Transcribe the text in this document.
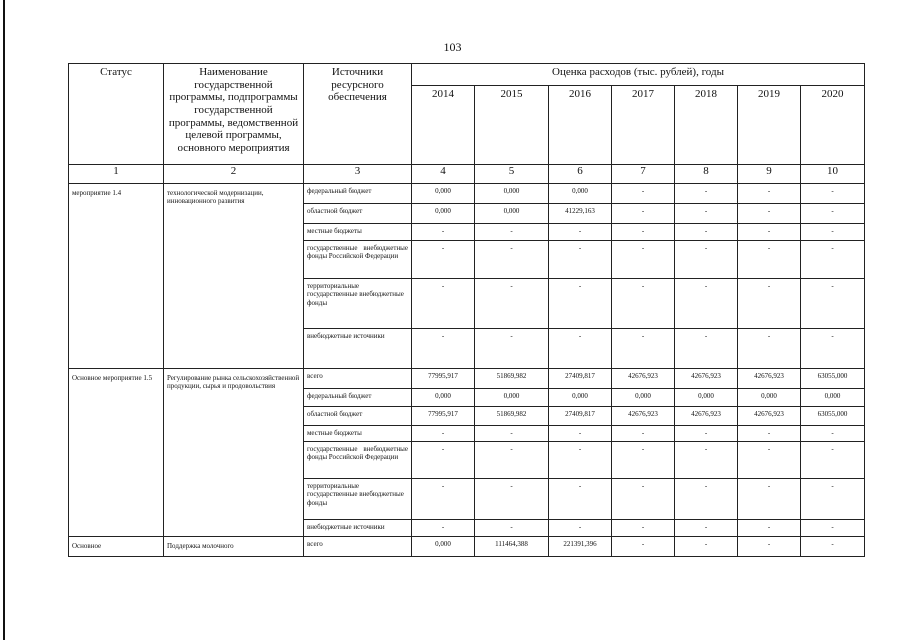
103
Статус	Наименование государственной программы, подпрограммы государственной программы, ведомственной целевой программы, основного мероприятия	Источники ресурсного обеспечения	Оценка расходов (тыс. рублей), годы						
			2014	2015	2016	2017	2018	2019	2020
1	2	3	4	5	6	7	8	9	10
мероприятие 1.4	технологической модернизации, инновационного развития	федеральный бюджет	0,000	0,000	0,000	-	-	-	-
		областной бюджет	0,000	0,000	41229,163	-	-	-	-
		местные бюджеты	-	-	-	-	-	-	-
		государственные внебюджетные фонды Российской Федерации	-	-	-	-	-	-	-
		территориальные государственные внебюджетные фонды	-	-	-	-	-	-	-
		внебюджетные источники	-	-	-	-	-	-	-
Основное мероприятие 1.5	Регулирование рынка сельскохозяйственной продукции, сырья и продовольствия	всего	77995,917	51869,982	27409,817	42676,923	42676,923	42676,923	63055,000
		федеральный бюджет	0,000	0,000	0,000	0,000	0,000	0,000	0,000
		областной бюджет	77995,917	51869,982	27409,817	42676,923	42676,923	42676,923	63055,000
		местные бюджеты	-	-	-	-	-	-	-
		государственные внебюджетные фонды Российской Федерации	-	-	-	-	-	-	-
		территориальные государственные внебюджетные фонды	-	-	-	-	-	-	-
		внебюджетные источники	-	-	-	-	-	-	-
Основное	Поддержка молочного	всего	0,000	111464,388	221391,396	-	-	-	-
